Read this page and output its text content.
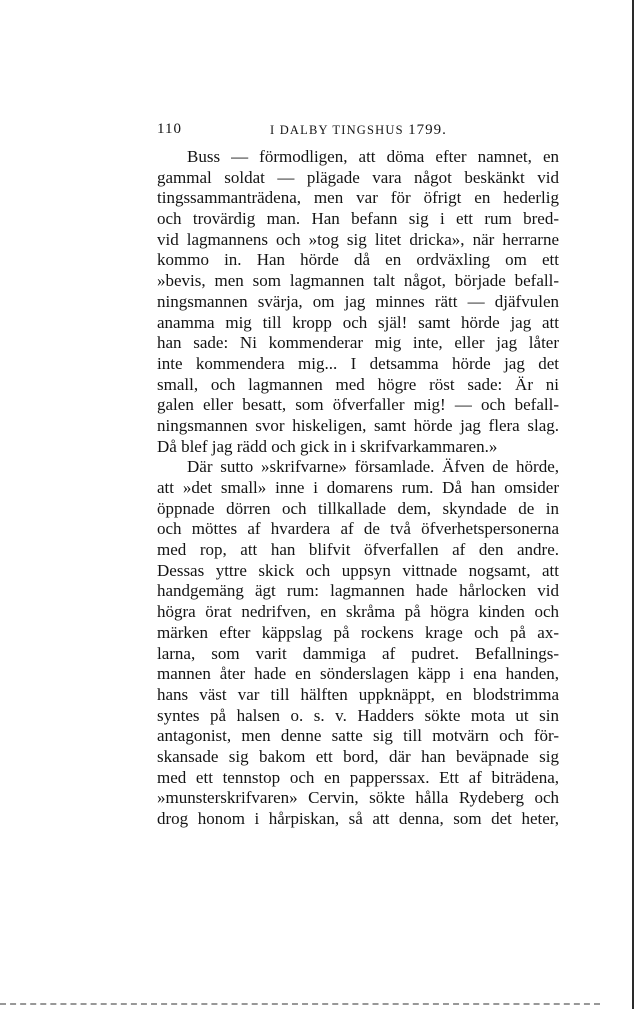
110	I DALBY TINGSHUS 1799.
Buss — förmodligen, att döma efter namnet, en
gammal soldat — plägade vara något beskänkt vid
tingssammanträdena, men var för öfrigt en hederlig
och trovärdig man. Han befann sig i ett rum bred-
vid lagmannens och »tog sig litet dricka», när herrarne
kommo in. Han hörde då en ordväxling om ett
»bevis, men som lagmannen talt något, började befall-
ningsmannen svärja, om jag minnes rätt — djäfvulen
anamma mig till kropp och själ! samt hörde jag att
han sade: Ni kommenderar mig inte, eller jag låter
inte kommendera mig... I detsamma hörde jag det
small, och lagmannen med högre röst sade: Är ni
galen eller besatt, som öfverfaller mig! — och befall-
ningsmannen svor hiskeligen, samt hörde jag flera slag.
Då blef jag rädd och gick in i skrifvarkammaren.»
Där sutto »skrifvarne» församlade. Äfven de hörde,
att »det small» inne i domarens rum. Då han omsider
öppnade dörren och tillkallade dem, skyndade de in
och möttes af hvardera af de två öfverhetspersonerna
med rop, att han blifvit öfverfallen af den andre.
Dessas yttre skick och uppsyn vittnade nogsamt, att
handgemäng ägt rum: lagmannen hade hårlocken vid
högra örat nedrifven, en skråma på högra kinden och
märken efter käppslag på rockens krage och på ax-
larna, som varit dammiga af pudret. Befallnings-
mannen åter hade en sönderslagen käpp i ena handen,
hans väst var till hälften uppknäppt, en blodstrimma
syntes på halsen o. s. v. Hadders sökte mota ut sin
antagonist, men denne satte sig till motvärn och för-
skansade sig bakom ett bord, där han beväpnade sig
med ett tennstop och en papperssax. Ett af biträdena,
»munsterskrifvaren» Cervin, sökte hålla Rydeberg och
drog honom i hårpiskan, så att denna, som det heter,
